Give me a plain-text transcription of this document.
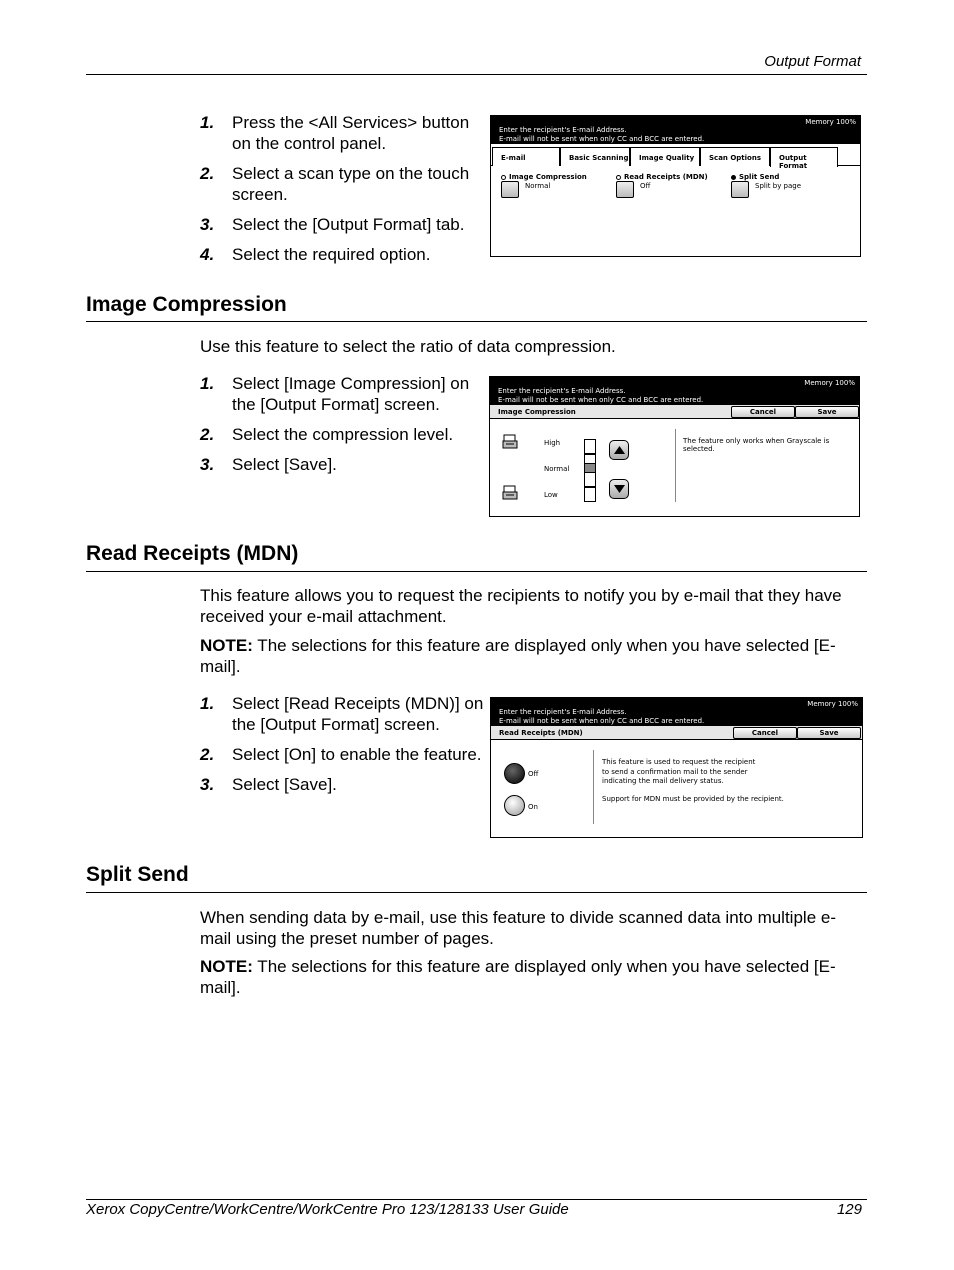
Output Format
1.	Press the <All Services> button on the control panel.
2.	Select a scan type on the touch screen.
3.	Select the [Output Format] tab.
4.	Select the required option.
Enter the recipient's E-mail Address.
E-mail will not be sent when only CC and BCC are entered.
Memory 100%
E-mail	Basic Scanning	Image Quality	Scan Options	Output Format
Image Compression
Normal
Read Receipts (MDN)
Off
Split Send
Split by page
Image Compression
Use this feature to select the ratio of data compression.
1.	Select [Image Compression] on the [Output Format] screen.
2.	Select the compression level.
3.	Select [Save].
Enter the recipient's E-mail Address.
E-mail will not be sent when only CC and BCC are entered.
Memory 100%
Image Compression	Cancel	Save
High
Normal
Low
The feature only works when Grayscale is selected.
Read Receipts (MDN)
This feature allows you to request the recipients to notify you by e-mail that they have received your e-mail attachment.
NOTE: The selections for this feature are displayed only when you have selected [E-mail].
1.	Select [Read Receipts (MDN)] on the [Output Format] screen.
2.	Select [On] to enable the feature.
3.	Select [Save].
Enter the recipient's E-mail Address.
E-mail will not be sent when only CC and BCC are entered.
Memory 100%
Read Receipts (MDN)	Cancel	Save
Off
On
This feature is used to request the recipient
to send a confirmation mail to the sender
indicating the mail delivery status.
Support for MDN must be provided by the recipient.
Split Send
When sending data by e-mail, use this feature to divide scanned data into multiple e-mail using the preset number of pages.
NOTE: The selections for this feature are displayed only when you have selected [E-mail].
Xerox CopyCentre/WorkCentre/WorkCentre Pro 123/128133 User Guide	129
